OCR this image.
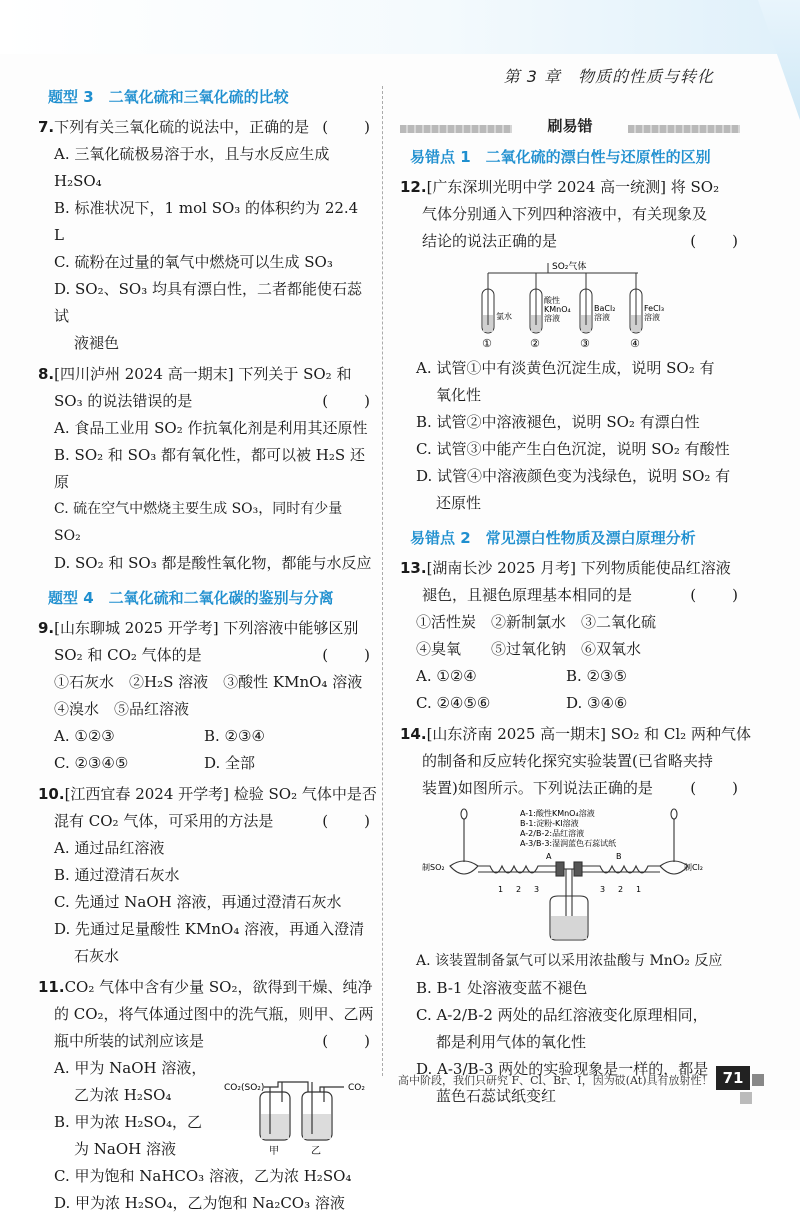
第 3 章　物质的性质与转化
题型 3　二氧化硫和三氧化硫的比较
7.下列有关三氧化硫的说法中，正确的是 (　　)
A. 三氧化硫极易溶于水，且与水反应生成 H₂SO₄
B. 标准状况下，1 mol SO₃ 的体积约为 22.4 L
C. 硫粉在过量的氧气中燃烧可以生成 SO₃
D. SO₂、SO₃ 均具有漂白性，二者都能使石蕊试
液褪色
8.[四川泸州 2024 高一期末] 下列关于 SO₂ 和
SO₃ 的说法错误的是	(　　)
A. 食品工业用 SO₂ 作抗氧化剂是利用其还原性
B. SO₂ 和 SO₃ 都有氧化性，都可以被 H₂S 还原
C. 硫在空气中燃烧主要生成 SO₃，同时有少量 SO₂
D. SO₂ 和 SO₃ 都是酸性氧化物，都能与水反应
题型 4　二氧化硫和二氧化碳的鉴别与分离
9.[山东聊城 2025 开学考] 下列溶液中能够区别
SO₂ 和 CO₂ 气体的是	(　　)
①石灰水　②H₂S 溶液　③酸性 KMnO₄ 溶液
④溴水　⑤品红溶液
A. ①②③	B. ②③④
C. ②③④⑤	D. 全部
10.[江西宜春 2024 开学考] 检验 SO₂ 气体中是否
混有 CO₂ 气体，可采用的方法是	(　　)
A. 通过品红溶液
B. 通过澄清石灰水
C. 先通过 NaOH 溶液，再通过澄清石灰水
D. 先通过足量酸性 KMnO₄ 溶液，再通入澄清
石灰水
11.CO₂ 气体中含有少量 SO₂，欲得到干燥、纯净
的 CO₂，将气体通过图中的洗气瓶，则甲、乙两
瓶中所装的试剂应该是	(　　)
A. 甲为 NaOH 溶液，
乙为浓 H₂SO₄
B. 甲为浓 H₂SO₄，乙
为 NaOH 溶液
C. 甲为饱和 NaHCO₃ 溶液，乙为浓 H₂SO₄
D. 甲为浓 H₂SO₄，乙为饱和 Na₂CO₃ 溶液
CO₂(SO₂)	CO₂
甲	乙
刷易错
易错点 1　二氧化硫的漂白性与还原性的区别
12.[广东深圳光明中学 2024 高一统测] 将 SO₂
气体分别通入下列四种溶液中，有关现象及
结论的说法正确的是	(　　)
SO₂气体
氯水
酸性
KMnO₄
溶液
BaCl₂
溶液
FeCl₃
溶液
①	②	③	④
A. 试管①中有淡黄色沉淀生成，说明 SO₂ 有
氧化性
B. 试管②中溶液褪色，说明 SO₂ 有漂白性
C. 试管③中能产生白色沉淀，说明 SO₂ 有酸性
D. 试管④中溶液颜色变为浅绿色，说明 SO₂ 有
还原性
易错点 2　常见漂白性物质及漂白原理分析
13.[湖南长沙 2025 月考] 下列物质能使品红溶液
褪色，且褪色原理基本相同的是	(　　)
①活性炭　②新制氯水　③二氧化硫
④臭氧　　⑤过氧化钠　⑥双氧水
A. ①②④	B. ②③⑤
C. ②④⑤⑥	D. ③④⑥
14.[山东济南 2025 高一期末] SO₂ 和 Cl₂ 两种气体
的制备和反应转化探究实验装置(已省略夹持
装置)如图所示。下列说法正确的是 (　　)
A-1:酸性KMnO₄溶液
B-1:淀粉-KI溶液
A-2/B-2:品红溶液
A-3/B-3:湿润蓝色石蕊试纸
A	B
制SO₂	制Cl₂
1 2 3	3 2 1
A. 该装置制备氯气可以采用浓盐酸与 MnO₂ 反应
B. B-1 处溶液变蓝不褪色
C. A-2/B-2 两处的品红溶液变化原理相同，
都是利用气体的氧化性
D. A-3/B-3 两处的实验现象是一样的，都是
蓝色石蕊试纸变红
高中阶段，我们只研究 F、Cl、Br、I，因为砹(At)具有放射性！ 71
